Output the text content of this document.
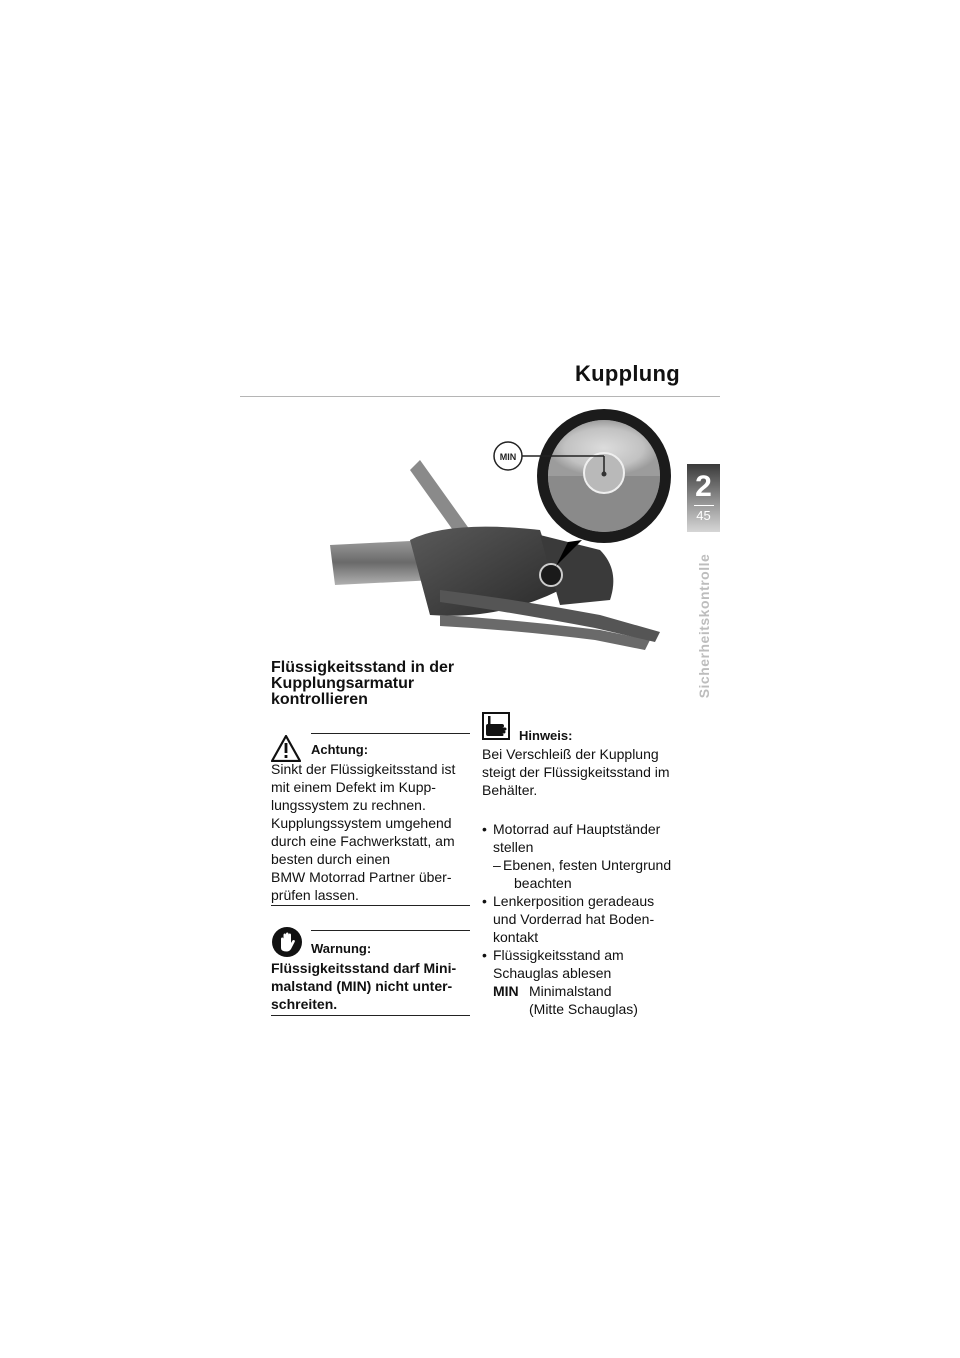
Kupplung
2
45
Sicherheitskontrolle
MIN
Flüssigkeitsstand in der
Kupplungsarmatur
kontrollieren
Achtung:

Sinkt der Flüssigkeitsstand ist
mit einem Defekt im Kupp-
lungssystem zu rechnen.
Kupplungssystem umgehend
durch eine Fachwerkstatt, am
besten durch einen
BMW Motorrad Partner über-
prüfen lassen.

Warnung:

Flüssigkeitsstand darf Mini-
malstand (MIN) nicht unter-
schreiten.

Hinweis:

Bei Verschleiß der Kupplung
steigt der Flüssigkeitsstand im
Behälter.

• Motorrad auf Hauptständer
stellen
– Ebenen, festen Untergrund
beachten
• Lenkerposition geradeaus
und Vorderrad hat Boden-
kontakt
• Flüssigkeitsstand am
Schauglas ablesen
MIN Minimalstand
(Mitte Schauglas)
